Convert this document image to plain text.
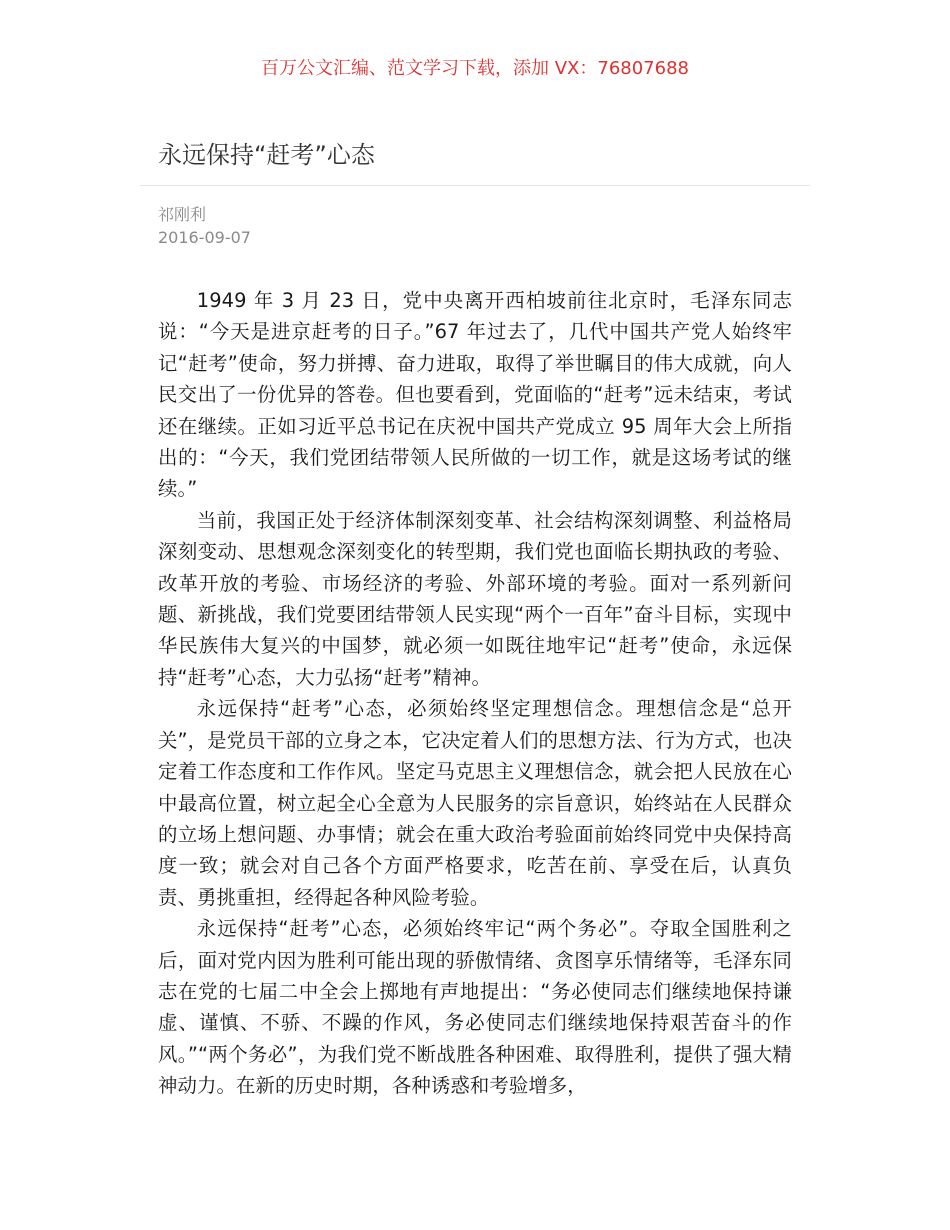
百万公文汇编、范文学习下载，添加 VX：76807688
永远保持“赶考”心态
祁刚利
2016-09-07

1949 年 3 月 23 日，党中央离开西柏坡前往北京时，毛泽东同志说：“今天是进京赶考的日子。”67 年过去了，几代中国共产党人始终牢记“赶考”使命，努力拼搏、奋力进取，取得了举世瞩目的伟大成就，向人民交出了一份优异的答卷。但也要看到，党面临的“赶考”远未结束，考试还在继续。正如习近平总书记在庆祝中国共产党成立 95 周年大会上所指出的：“今天，我们党团结带领人民所做的一切工作，就是这场考试的继续。”

当前，我国正处于经济体制深刻变革、社会结构深刻调整、利益格局深刻变动、思想观念深刻变化的转型期，我们党也面临长期执政的考验、改革开放的考验、市场经济的考验、外部环境的考验。面对一系列新问题、新挑战，我们党要团结带领人民实现“两个一百年”奋斗目标，实现中华民族伟大复兴的中国梦，就必须一如既往地牢记“赶考”使命，永远保持“赶考”心态，大力弘扬“赶考”精神。

永远保持“赶考”心态，必须始终坚定理想信念。理想信念是“总开关”，是党员干部的立身之本，它决定着人们的思想方法、行为方式，也决定着工作态度和工作作风。坚定马克思主义理想信念，就会把人民放在心中最高位置，树立起全心全意为人民服务的宗旨意识，始终站在人民群众的立场上想问题、办事情；就会在重大政治考验面前始终同党中央保持高度一致；就会对自己各个方面严格要求，吃苦在前、享受在后，认真负责、勇挑重担，经得起各种风险考验。

永远保持“赶考”心态，必须始终牢记“两个务必”。夺取全国胜利之后，面对党内因为胜利可能出现的骄傲情绪、贪图享乐情绪等，毛泽东同志在党的七届二中全会上掷地有声地提出：“务必使同志们继续地保持谦虚、谨慎、不骄、不躁的作风，务必使同志们继续地保持艰苦奋斗的作风。”“两个务必”，为我们党不断战胜各种困难、取得胜利，提供了强大精神动力。在新的历史时期，各种诱惑和考验增多，
